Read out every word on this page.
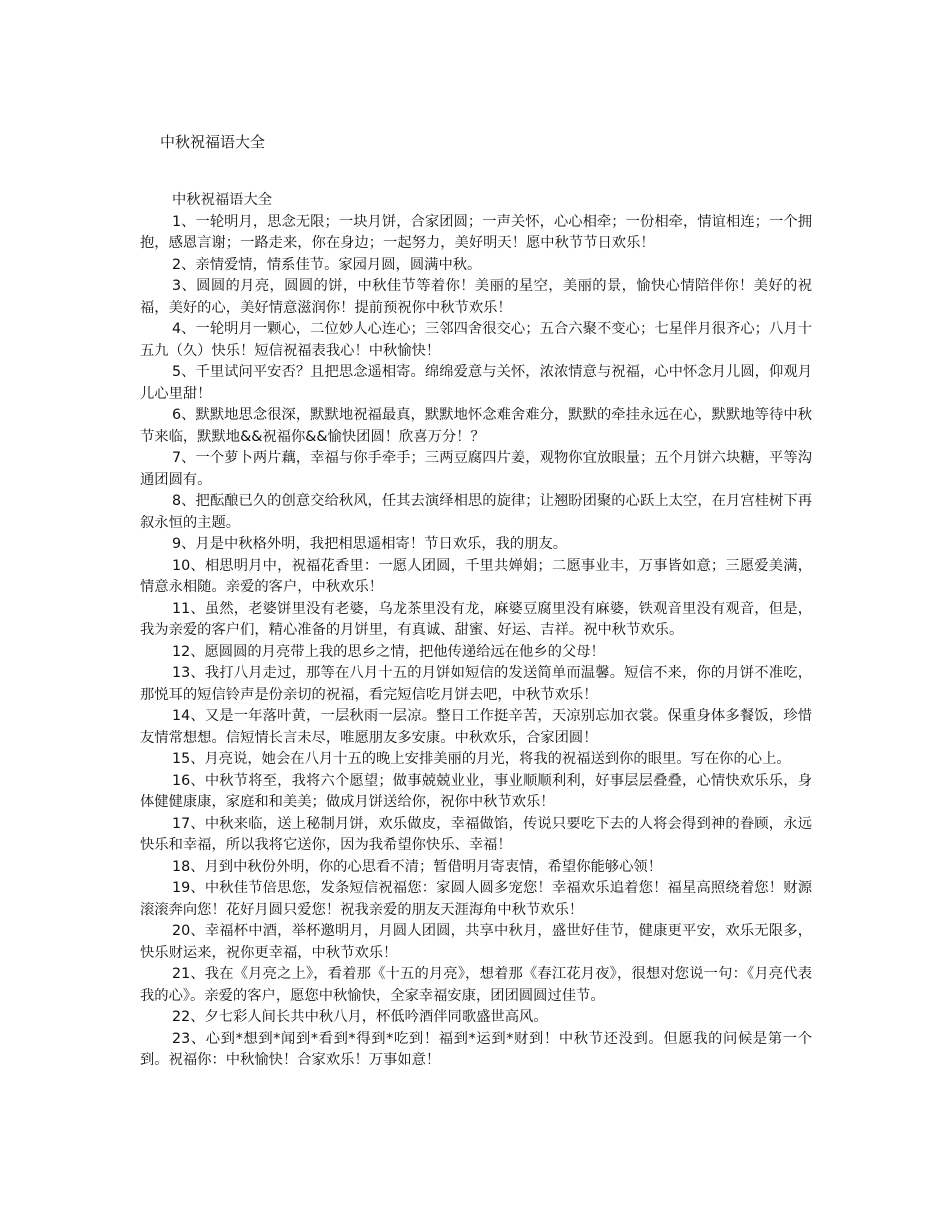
中秋祝福语大全

中秋祝福语大全

1、一轮明月，思念无限；一块月饼，合家团圆；一声关怀，心心相牵；一份相牵，情谊相连；一个拥抱，感恩言谢；一路走来，你在身边；一起努力，美好明天！愿中秋节节日欢乐！

2、亲情爱情，情系佳节。家园月圆，圆满中秋。

3、圆圆的月亮，圆圆的饼，中秋佳节等着你！美丽的星空，美丽的景，愉快心情陪伴你！美好的祝福，美好的心，美好情意滋润你！提前预祝你中秋节欢乐！

4、一轮明月一颗心，二位妙人心连心；三邻四舍很交心；五合六聚不变心；七星伴月很齐心；八月十五九（久）快乐！短信祝福表我心！中秋愉快！

5、千里试问平安否？且把思念遥相寄。绵绵爱意与关怀，浓浓情意与祝福，心中怀念月儿圆，仰观月儿心里甜！

6、默默地思念很深，默默地祝福最真，默默地怀念难舍难分，默默的牵挂永远在心，默默地等待中秋节来临，默默地&&祝福你&&愉快团圆！欣喜万分！？

7、一个萝卜两片藕，幸福与你手牵手；三两豆腐四片姜，观物你宜放眼量；五个月饼六块糖，平等沟通团圆有。

8、把酝酿已久的创意交给秋风，任其去演绎相思的旋律；让翘盼团聚的心跃上太空，在月宫桂树下再叙永恒的主题。

9、月是中秋格外明，我把相思遥相寄！节日欢乐，我的朋友。

10、相思明月中，祝福花香里：一愿人团圆，千里共婵娟；二愿事业丰，万事皆如意；三愿爱美满，情意永相随。亲爱的客户，中秋欢乐！

11、虽然，老婆饼里没有老婆，乌龙茶里没有龙，麻婆豆腐里没有麻婆，铁观音里没有观音，但是，我为亲爱的客户们，精心准备的月饼里，有真诚、甜蜜、好运、吉祥。祝中秋节欢乐。

12、愿圆圆的月亮带上我的思乡之情，把他传递给远在他乡的父母！

13、我打八月走过，那等在八月十五的月饼如短信的发送简单而温馨。短信不来，你的月饼不准吃，那悦耳的短信铃声是份亲切的祝福，看完短信吃月饼去吧，中秋节欢乐！

14、又是一年落叶黄，一层秋雨一层凉。整日工作挺辛苦，天凉别忘加衣裳。保重身体多餐饭，珍惜友情常想想。信短情长言未尽，唯愿朋友多安康。中秋欢乐，合家团圆！

15、月亮说，她会在八月十五的晚上安排美丽的月光，将我的祝福送到你的眼里。写在你的心上。

16、中秋节将至，我将六个愿望；做事兢兢业业，事业顺顺利利，好事层层叠叠，心情快欢乐乐，身体健健康康，家庭和和美美；做成月饼送给你，祝你中秋节欢乐！

17、中秋来临，送上秘制月饼，欢乐做皮，幸福做馅，传说只要吃下去的人将会得到神的眷顾，永远快乐和幸福，所以我将它送你，因为我希望你快乐、幸福！

18、月到中秋份外明，你的心思看不清；暂借明月寄衷情，希望你能够心领！

19、中秋佳节倍思您，发条短信祝福您：家圆人圆多宠您！幸福欢乐追着您！福星高照绕着您！财源滚滚奔向您！花好月圆只爱您！祝我亲爱的朋友天涯海角中秋节欢乐！

20、幸福杯中酒，举杯邀明月，月圆人团圆，共享中秋月，盛世好佳节，健康更平安，欢乐无限多，快乐财运来，祝你更幸福，中秋节欢乐！

21、我在《月亮之上》，看着那《十五的月亮》，想着那《春江花月夜》，很想对您说一句：《月亮代表我的心》。亲爱的客户，愿您中秋愉快，全家幸福安康，团团圆圆过佳节。

22、夕七彩人间长共中秋八月，杯低吟酒伴同歌盛世高风。

23、心到*想到*闻到*看到*得到*吃到！福到*运到*财到！中秋节还没到。但愿我的问候是第一个到。祝福你：中秋愉快！合家欢乐！万事如意！
